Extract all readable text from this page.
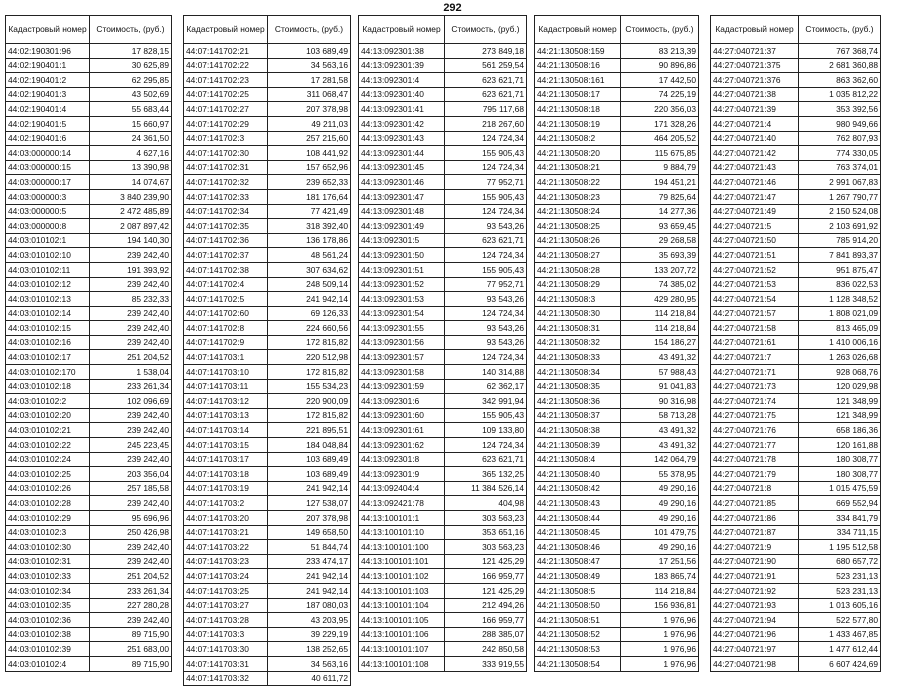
292
Кадастровый номер	Стоимость, (руб.)
44:02:190301:96	17 828,15
44:02:190401:1	30 625,89
44:02:190401:2	62 295,85
44:02:190401:3	43 502,69
44:02:190401:4	55 683,44
44:02:190401:5	15 660,97
44:02:190401:6	24 361,50
44:03:000000:14	4 627,16
44:03:000000:15	13 390,98
44:03:000000:17	14 074,67
44:03:000000:3	3 840 239,90
44:03:000000:5	2 472 485,89
44:03:000000:8	2 087 897,42
44:03:010102:1	194 140,30
44:03:010102:10	239 242,40
44:03:010102:11	191 393,92
44:03:010102:12	239 242,40
44:03:010102:13	85 232,33
44:03:010102:14	239 242,40
44:03:010102:15	239 242,40
44:03:010102:16	239 242,40
44:03:010102:17	251 204,52
44:03:010102:170	1 538,04
44:03:010102:18	233 261,34
44:03:010102:2	102 096,69
44:03:010102:20	239 242,40
44:03:010102:21	239 242,40
44:03:010102:22	245 223,45
44:03:010102:24	239 242,40
44:03:010102:25	203 356,04
44:03:010102:26	257 185,58
44:03:010102:28	239 242,40
44:03:010102:29	95 696,96
44:03:010102:3	250 426,98
44:03:010102:30	239 242,40
44:03:010102:31	239 242,40
44:03:010102:33	251 204,52
44:03:010102:34	233 261,34
44:03:010102:35	227 280,28
44:03:010102:36	239 242,40
44:03:010102:38	89 715,90
44:03:010102:39	251 683,00
44:03:010102:4	89 715,90
Кадастровый номер	Стоимость, (руб.)
44:07:141702:21	103 689,49
44:07:141702:22	34 563,16
44:07:141702:23	17 281,58
44:07:141702:25	311 068,47
44:07:141702:27	207 378,98
44:07:141702:29	49 211,03
44:07:141702:3	257 215,60
44:07:141702:30	108 441,92
44:07:141702:31	157 652,96
44:07:141702:32	239 652,33
44:07:141702:33	181 176,64
44:07:141702:34	77 421,49
44:07:141702:35	318 392,40
44:07:141702:36	136 178,86
44:07:141702:37	48 561,24
44:07:141702:38	307 634,62
44:07:141702:4	248 509,14
44:07:141702:5	241 942,14
44:07:141702:60	69 126,33
44:07:141702:8	224 660,56
44:07:141702:9	172 815,82
44:07:141703:1	220 512,98
44:07:141703:10	172 815,82
44:07:141703:11	155 534,23
44:07:141703:12	220 900,09
44:07:141703:13	172 815,82
44:07:141703:14	221 895,51
44:07:141703:15	184 048,84
44:07:141703:17	103 689,49
44:07:141703:18	103 689,49
44:07:141703:19	241 942,14
44:07:141703:2	127 538,07
44:07:141703:20	207 378,98
44:07:141703:21	149 658,50
44:07:141703:22	51 844,74
44:07:141703:23	233 474,17
44:07:141703:24	241 942,14
44:07:141703:25	241 942,14
44:07:141703:27	187 080,03
44:07:141703:28	43 203,95
44:07:141703:3	39 229,19
44:07:141703:30	138 252,65
44:07:141703:31	34 563,16
44:07:141703:32	40 611,72
Кадастровый номер	Стоимость, (руб.)
44:13:092301:38	273 849,18
44:13:092301:39	561 259,54
44:13:092301:4	623 621,71
44:13:092301:40	623 621,71
44:13:092301:41	795 117,68
44:13:092301:42	218 267,60
44:13:092301:43	124 724,34
44:13:092301:44	155 905,43
44:13:092301:45	124 724,34
44:13:092301:46	77 952,71
44:13:092301:47	155 905,43
44:13:092301:48	124 724,34
44:13:092301:49	93 543,26
44:13:092301:5	623 621,71
44:13:092301:50	124 724,34
44:13:092301:51	155 905,43
44:13:092301:52	77 952,71
44:13:092301:53	93 543,26
44:13:092301:54	124 724,34
44:13:092301:55	93 543,26
44:13:092301:56	93 543,26
44:13:092301:57	124 724,34
44:13:092301:58	140 314,88
44:13:092301:59	62 362,17
44:13:092301:6	342 991,94
44:13:092301:60	155 905,43
44:13:092301:61	109 133,80
44:13:092301:62	124 724,34
44:13:092301:8	623 621,71
44:13:092301:9	365 132,25
44:13:092404:4	11 384 526,14
44:13:092421:78	404,98
44:13:100101:1	303 563,23
44:13:100101:10	353 651,16
44:13:100101:100	303 563,23
44:13:100101:101	121 425,29
44:13:100101:102	166 959,77
44:13:100101:103	121 425,29
44:13:100101:104	212 494,26
44:13:100101:105	166 959,77
44:13:100101:106	288 385,07
44:13:100101:107	242 850,58
44:13:100101:108	333 919,55
Кадастровый номер	Стоимость, (руб.)
44:21:130508:159	83 213,39
44:21:130508:16	90 896,86
44:21:130508:161	17 442,50
44:21:130508:17	74 225,19
44:21:130508:18	220 356,03
44:21:130508:19	171 328,26
44:21:130508:2	464 205,52
44:21:130508:20	115 675,85
44:21:130508:21	9 884,79
44:21:130508:22	194 451,21
44:21:130508:23	79 825,64
44:21:130508:24	14 277,36
44:21:130508:25	93 659,45
44:21:130508:26	29 268,58
44:21:130508:27	35 693,39
44:21:130508:28	133 207,72
44:21:130508:29	74 385,02
44:21:130508:3	429 280,95
44:21:130508:30	114 218,84
44:21:130508:31	114 218,84
44:21:130508:32	154 186,27
44:21:130508:33	43 491,32
44:21:130508:34	57 988,43
44:21:130508:35	91 041,83
44:21:130508:36	90 316,98
44:21:130508:37	58 713,28
44:21:130508:38	43 491,32
44:21:130508:39	43 491,32
44:21:130508:4	142 064,79
44:21:130508:40	55 378,95
44:21:130508:42	49 290,16
44:21:130508:43	49 290,16
44:21:130508:44	49 290,16
44:21:130508:45	101 479,75
44:21:130508:46	49 290,16
44:21:130508:47	17 251,56
44:21:130508:49	183 865,74
44:21:130508:5	114 218,84
44:21:130508:50	156 936,81
44:21:130508:51	1 976,96
44:21:130508:52	1 976,96
44:21:130508:53	1 976,96
44:21:130508:54	1 976,96
Кадастровый номер	Стоимость, (руб.)
44:27:040721:37	767 368,74
44:27:040721:375	2 681 360,88
44:27:040721:376	863 362,60
44:27:040721:38	1 035 812,22
44:27:040721:39	353 392,56
44:27:040721:4	980 949,66
44:27:040721:40	762 807,93
44:27:040721:42	774 330,05
44:27:040721:43	763 374,01
44:27:040721:46	2 991 067,83
44:27:040721:47	1 267 790,77
44:27:040721:49	2 150 524,08
44:27:040721:5	2 103 691,92
44:27:040721:50	785 914,20
44:27:040721:51	7 841 893,37
44:27:040721:52	951 875,47
44:27:040721:53	836 022,53
44:27:040721:54	1 128 348,52
44:27:040721:57	1 808 021,09
44:27:040721:58	813 465,09
44:27:040721:61	1 410 006,16
44:27:040721:7	1 263 026,68
44:27:040721:71	928 068,76
44:27:040721:73	120 029,98
44:27:040721:74	121 348,99
44:27:040721:75	121 348,99
44:27:040721:76	658 186,36
44:27:040721:77	120 161,88
44:27:040721:78	180 308,77
44:27:040721:79	180 308,77
44:27:040721:8	1 015 475,59
44:27:040721:85	669 552,94
44:27:040721:86	334 841,79
44:27:040721:87	334 711,15
44:27:040721:9	1 195 512,58
44:27:040721:90	680 657,72
44:27:040721:91	523 231,13
44:27:040721:92	523 231,13
44:27:040721:93	1 013 605,16
44:27:040721:94	522 577,80
44:27:040721:96	1 433 467,85
44:27:040721:97	1 477 612,44
44:27:040721:98	6 607 424,69
